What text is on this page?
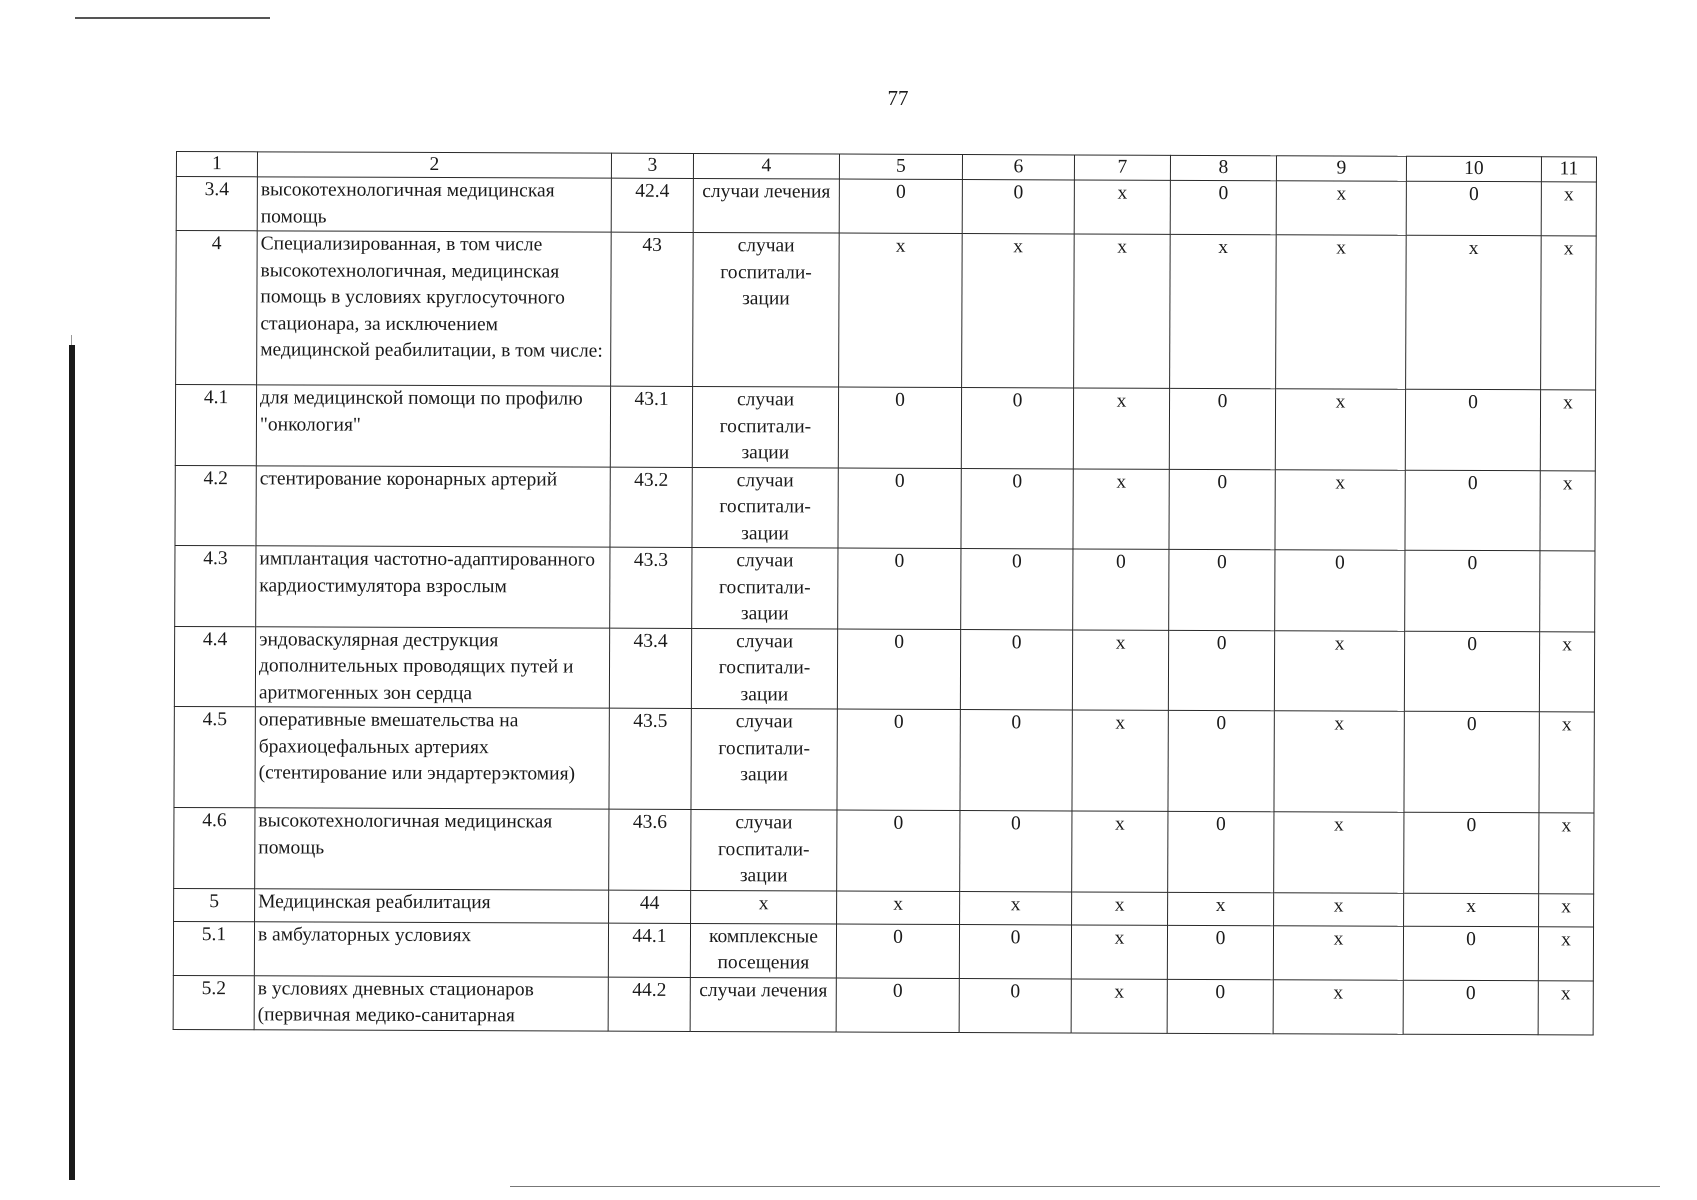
77
1	2	3	4	5	6	7	8	9	10	11
3.4	высокотехнологичная медицинская помощь	42.4	случаи лечения	0	0	х	0	х	0	х
4	Специализированная, в том числе высокотехнологичная, медицинская помощь в условиях круглосуточного стационара, за исключением медицинской реабилитации, в том числе:	43	случаи госпитали-зации	х	х	х	х	х	х	х
4.1	для медицинской помощи по профилю "онкология"	43.1	случаи госпитали-зации	0	0	х	0	х	0	х
4.2	стентирование коронарных артерий	43.2	случаи госпитали-зации	0	0	х	0	х	0	х
4.3	имплантация частотно-адаптированного кардиостимулятора взрослым	43.3	случаи госпитали-зации	0	0	0	0	0	0	
4.4	эндоваскулярная деструкция дополнительных проводящих путей и аритмогенных зон сердца	43.4	случаи госпитали-зации	0	0	х	0	х	0	х
4.5	оперативные вмешательства на брахиоцефальных артериях (стентирование или эндартерэктомия)	43.5	случаи госпитали-зации	0	0	х	0	х	0	х
4.6	высокотехнологичная медицинская помощь	43.6	случаи госпитали-зации	0	0	х	0	х	0	х
5	Медицинская реабилитация	44	х	х	х	х	х	х	х	х
5.1	в амбулаторных условиях	44.1	комплексные посещения	0	0	х	0	х	0	х
5.2	в условиях дневных стационаров (первичная медико-санитарная	44.2	случаи лечения	0	0	х	0	х	0	х
